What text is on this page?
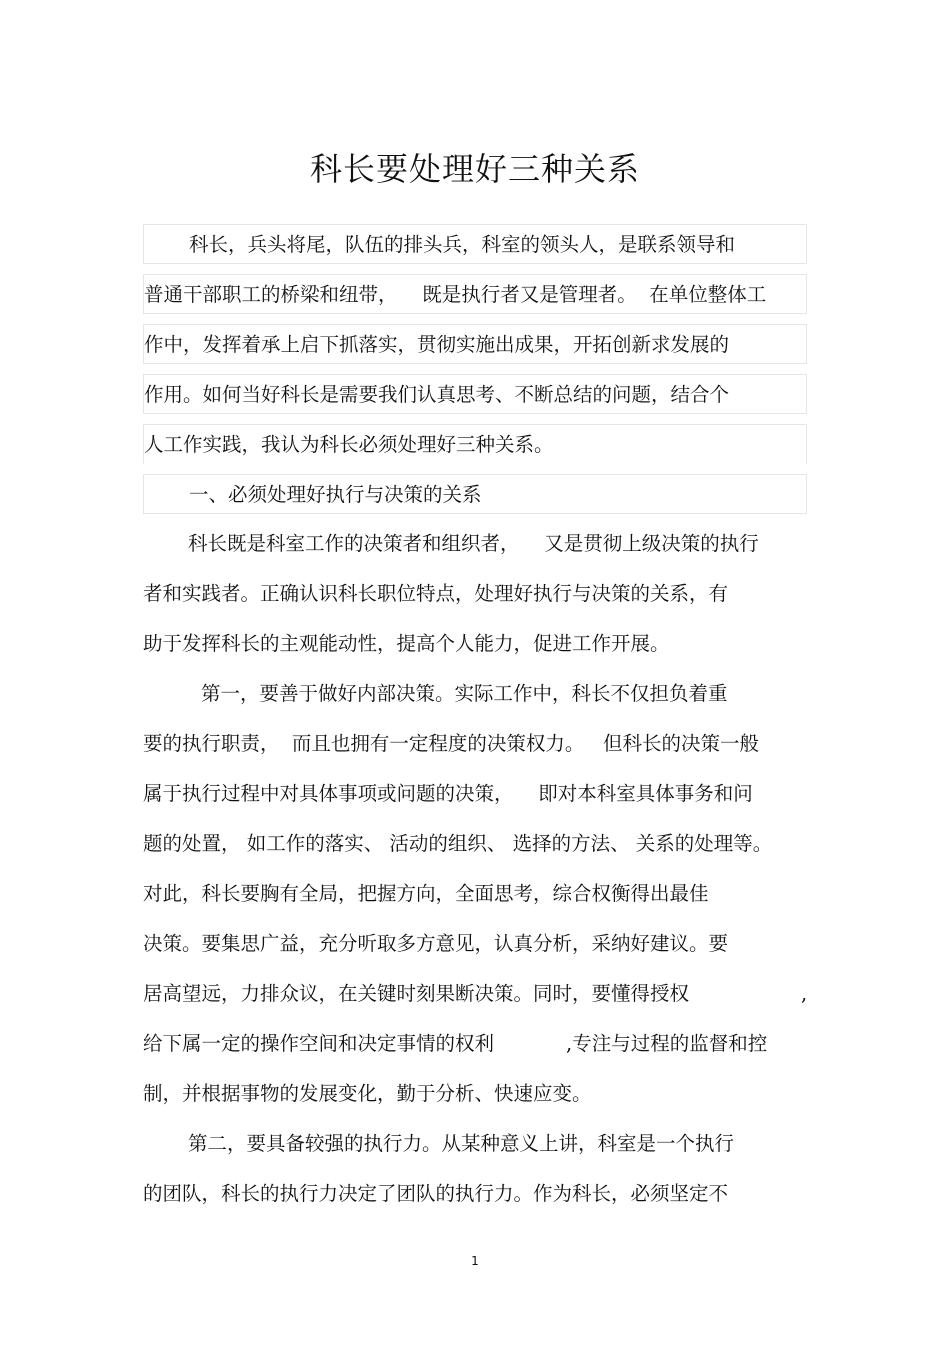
科长要处理好三种关系
科长，兵头将尾，队伍的排头兵，科室的领头人，是联系领导和
普通干部职工的桥梁和纽带，    既是执行者又是管理者。  在单位整体工
作中，发挥着承上启下抓落实，贯彻实施出成果，开拓创新求发展的
作用。如何当好科长是需要我们认真思考、不断总结的问题，结合个
人工作实践，我认为科长必须处理好三种关系。
一、必须处理好执行与决策的关系
科长既是科室工作的决策者和组织者，    又是贯彻上级决策的执行
者和实践者。正确认识科长职位特点，处理好执行与决策的关系，有
助于发挥科长的主观能动性，提高个人能力，促进工作开展。
第一，要善于做好内部决策。实际工作中，科长不仅担负着重
要的执行职责，  而且也拥有一定程度的决策权力。   但科长的决策一般
属于执行过程中对具体事项或问题的决策，    即对本科室具体事务和问
题的处置， 如工作的落实、 活动的组织、 选择的方法、 关系的处理等。
对此，科长要胸有全局，把握方向，全面思考，综合权衡得出最佳
决策。要集思广益，充分听取多方意见，认真分析，采纳好建议。要
居高望远，力排众议，在关键时刻果断决策。同时，要懂得授权	,
给下属一定的操作空间和决定事情的权利	,专注与过程的监督和控
制，并根据事物的发展变化，勤于分析、快速应变。
第二，要具备较强的执行力。从某种意义上讲，科室是一个执行
的团队，科长的执行力决定了团队的执行力。作为科长，必须坚定不
1
